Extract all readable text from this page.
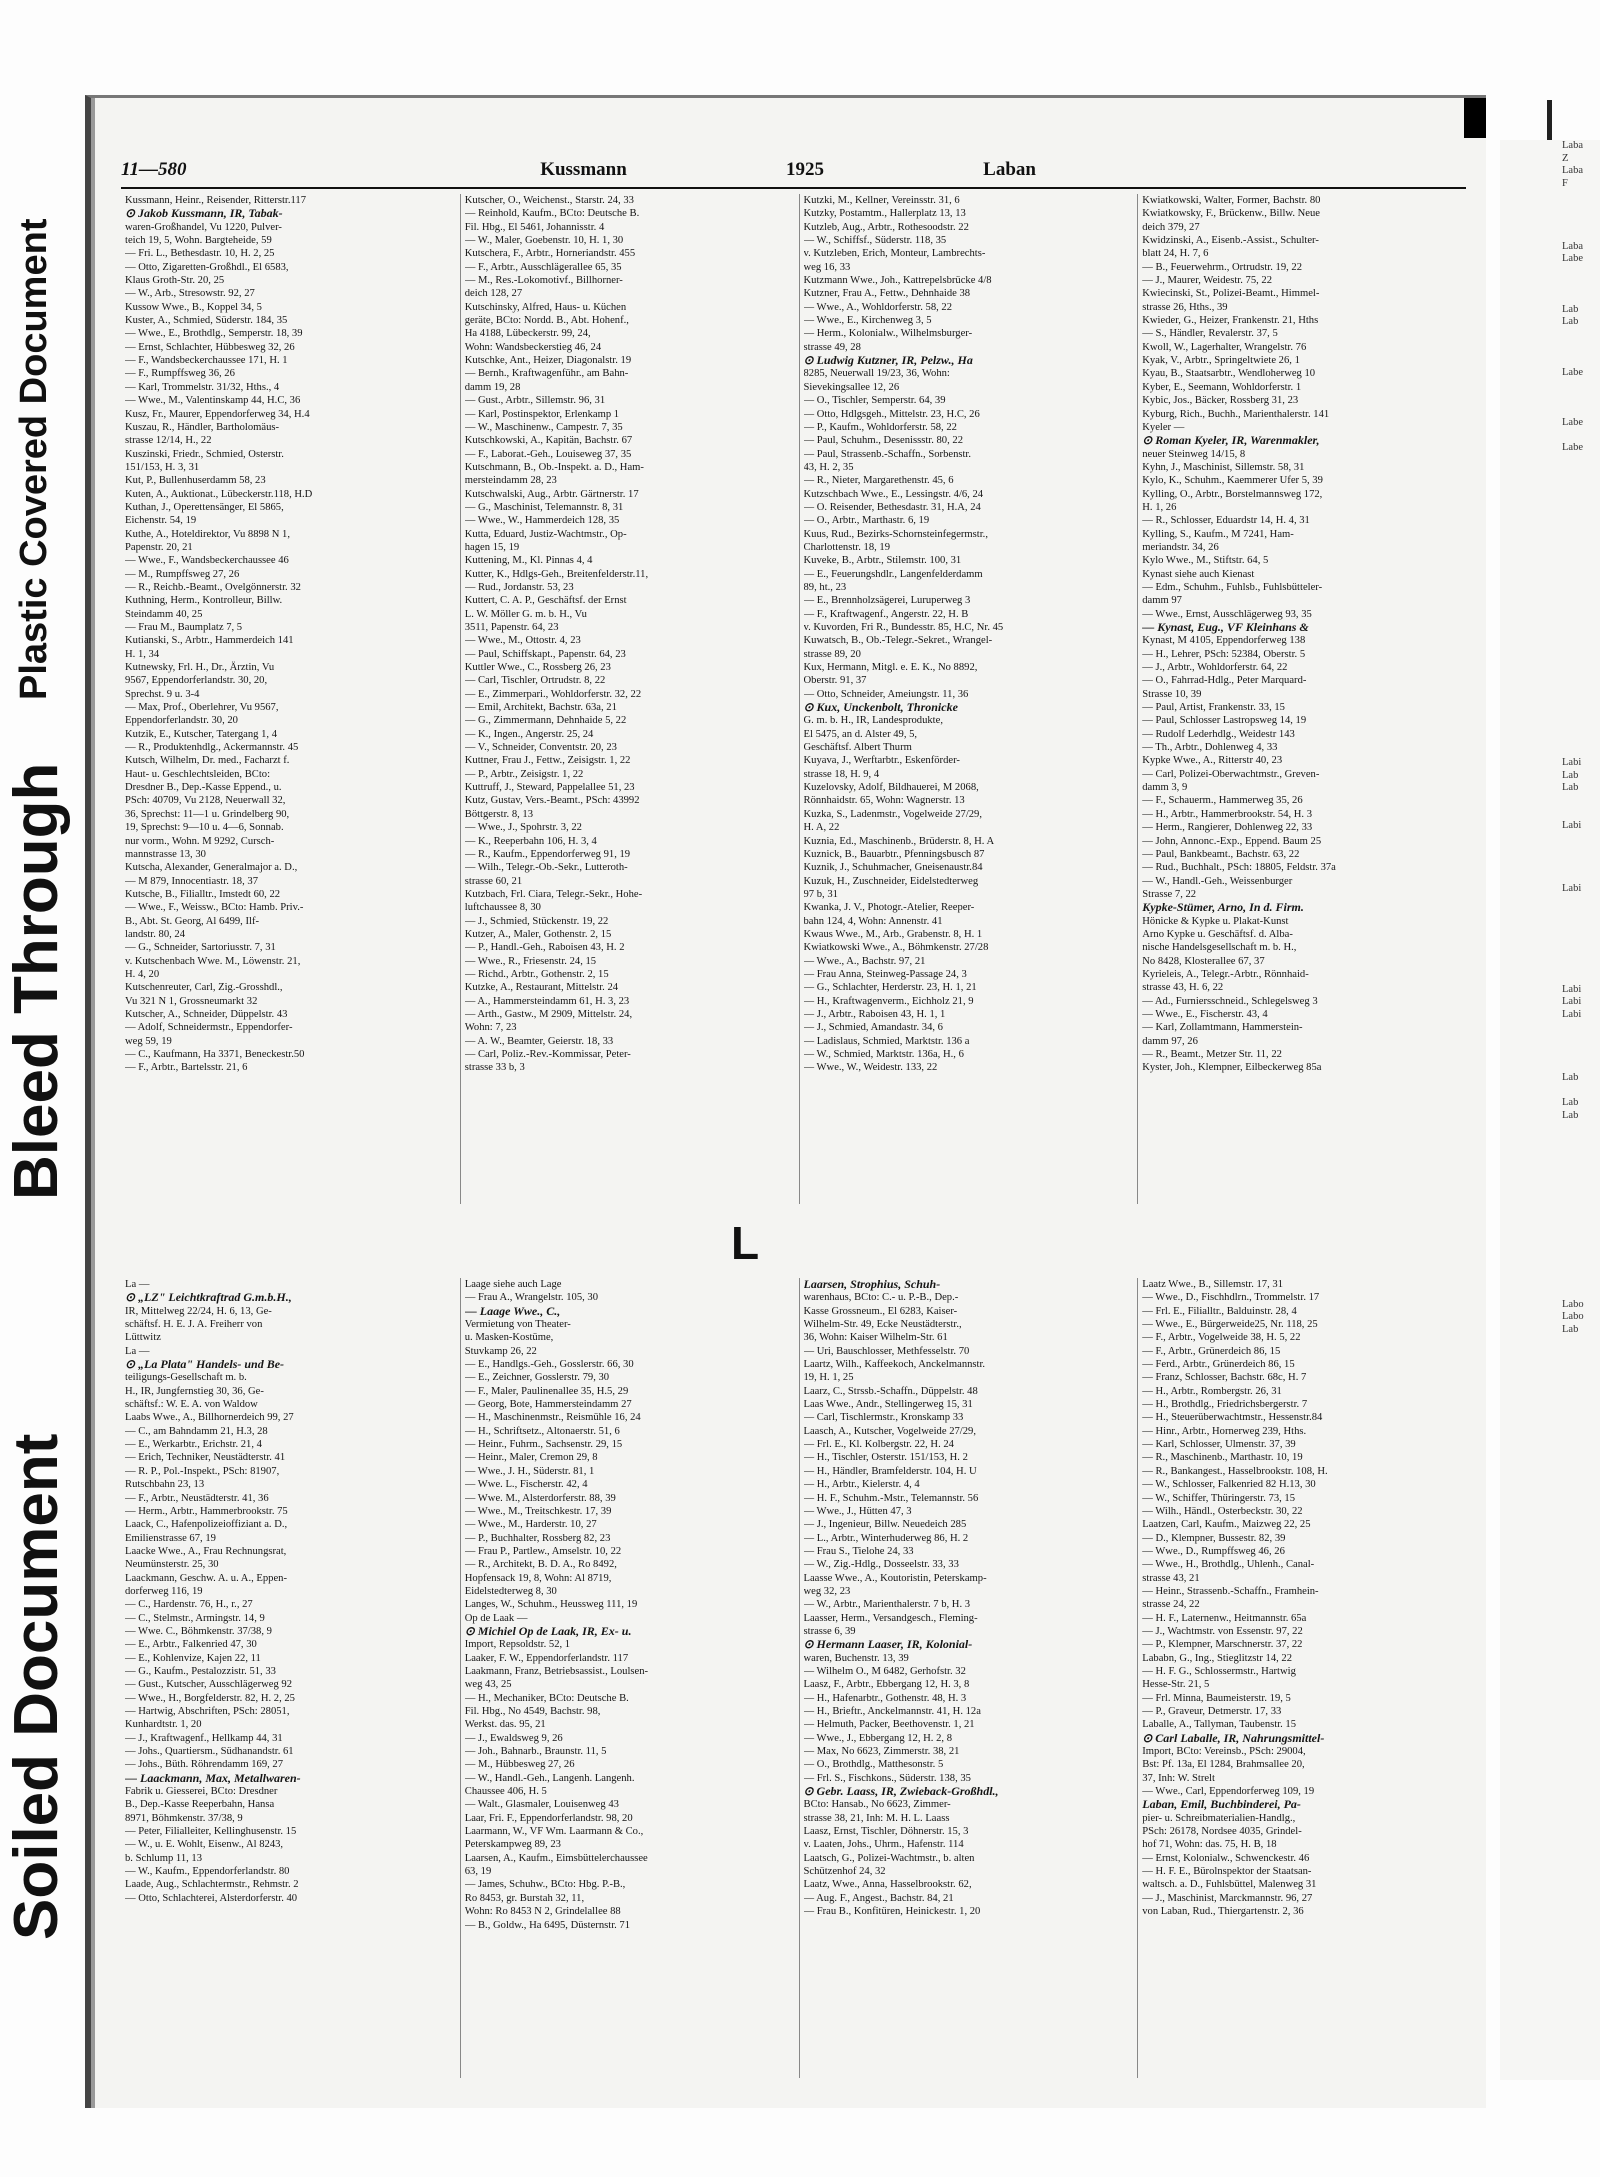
Plastic Covered Document
Bleed Through
Soiled Document
11—580	Kussmann	1925	Laban
Kussmann, Heinr., Reisender, Ritterstr.117
⊙ Jakob Kussmann, IR, Tabak-
waren-Großhandel, Vu 1220, Pulver-
teich 19, 5, Wohn. Bargteheide, 59
— Fri. L., Bethesdastr. 10, H. 2, 25
— Otto, Zigaretten-Großhdl., El 6583,
Klaus Groth-Str. 20, 25
— W., Arb., Stresowstr. 92, 27
Kussow Wwe., B., Koppel 34, 5
Kuster, A., Schmied, Süderstr. 184, 35
— Wwe., E., Brothdlg., Semperstr. 18, 39
— Ernst, Schlachter, Hübbesweg 32, 26
— F., Wandsbeckerchaussee 171, H. 1
— F., Rumpffsweg 36, 26
— Karl, Trommelstr. 31/32, Hths., 4
— Wwe., M., Valentinskamp 44, H.C, 36
Kusz, Fr., Maurer, Eppendorferweg 34, H.4
Kuszau, R., Händler, Bartholomäus-
strasse 12/14, H., 22
Kuszinski, Friedr., Schmied, Osterstr.
151/153, H. 3, 31
Kut, P., Bullenhuserdamm 58, 23
Kuten, A., Auktionat., Lübeckerstr.118, H.D
Kuthan, J., Operettensänger, El 5865,
Eichenstr. 54, 19
Kuthe, A., Hoteldirektor, Vu 8898 N 1,
Papenstr. 20, 21
— Wwe., F., Wandsbeckerchaussee 46
— M., Rumpffsweg 27, 26
— R., Reichb.-Beamt., Ovelgönnerstr. 32
Kuthning, Herm., Kontrolleur, Billw.
Steindamm 40, 25
— Frau M., Baumplatz 7, 5
Kutianski, S., Arbtr., Hammerdeich 141
H. 1, 34
Kutnewsky, Frl. H., Dr., Ärztin, Vu
9567, Eppendorferlandstr. 30, 20,
Sprechst. 9 u. 3-4
— Max, Prof., Oberlehrer, Vu 9567,
Eppendorferlandstr. 30, 20
Kutzik, E., Kutscher, Tatergang 1, 4
— R., Produktenhdlg., Ackermannstr. 45
Kutsch, Wilhelm, Dr. med., Facharzt f.
Haut- u. Geschlechtsleiden, BCto:
Dresdner B., Dep.-Kasse Eppend., u.
PSch: 40709, Vu 2128, Neuerwall 32,
36, Sprechst: 11—1 u. Grindelberg 90,
19, Sprechst: 9—10 u. 4—6, Sonnab.
nur vorm., Wohn. M 9292, Cursch-
mannstrasse 13, 30
Kutscha, Alexander, Generalmajor a. D.,
— M 879, Innocentiastr. 18, 37
Kutsche, B., Filialltr., Imstedt 60, 22
— Wwe., F., Weissw., BCto: Hamb. Priv.-
B., Abt. St. Georg, Al 6499, Ilf-
landstr. 80, 24
— G., Schneider, Sartoriusstr. 7, 31
v. Kutschenbach Wwe. M., Löwenstr. 21,
H. 4, 20
Kutschenreuter, Carl, Zig.-Grosshdl.,
Vu 321 N 1, Grossneumarkt 32
Kutscher, A., Schneider, Düppelstr. 43
— Adolf, Schneidermstr., Eppendorfer-
weg 59, 19
— C., Kaufmann, Ha 3371, Beneckestr.50
— F., Arbtr., Bartelsstr. 21, 6
Kutscher, O., Weichenst., Starstr. 24, 33
— Reinhold, Kaufm., BCto: Deutsche B.
Fil. Hbg., El 5461, Johannisstr. 4
— W., Maler, Goebenstr. 10, H. 1, 30
Kutschera, F., Arbtr., Horneriandstr. 455
— F., Arbtr., Ausschlägerallee 65, 35
— M., Res.-Lokomotivf., Billhorner-
deich 128, 27
Kutschinsky, Alfred, Haus- u. Küchen
geräte, BCto: Nordd. B., Abt. Hohenf.,
Ha 4188, Lübeckerstr. 99, 24,
Wohn: Wandsbeckerstieg 46, 24
Kutschke, Ant., Heizer, Diagonalstr. 19
— Bernh., Kraftwagenführ., am Bahn-
damm 19, 28
— Gust., Arbtr., Sillemstr. 96, 31
— Karl, Postinspektor, Erlenkamp 1
— W., Maschinenw., Campestr. 7, 35
Kutschkowski, A., Kapitän, Bachstr. 67
— F., Laborat.-Geh., Louiseweg 37, 35
Kutschmann, B., Ob.-Inspekt. a. D., Ham-
mersteindamm 28, 23
Kutschwalski, Aug., Arbtr. Gärtnerstr. 17
— G., Maschinist, Telemannstr. 8, 31
— Wwe., W., Hammerdeich 128, 35
Kutta, Eduard, Justiz-Wachtmstr., Op-
hagen 15, 19
Kuttening, M., Kl. Pinnas 4, 4
Kutter, K., Hdlgs-Geh., Breitenfelderstr.11,
— Rud., Jordanstr. 53, 23
Kuttert, C. A. P., Geschäftsf. der Ernst
L. W. Möller G. m. b. H., Vu
3511, Papenstr. 64, 23
— Wwe., M., Ottostr. 4, 23
— Paul, Schiffskapt., Papenstr. 64, 23
Kuttler Wwe., C., Rossberg 26, 23
— Carl, Tischler, Ortrudstr. 8, 22
— E., Zimmerpari., Wohldorferstr. 32, 22
— Emil, Architekt, Bachstr. 63a, 21
— G., Zimmermann, Dehnhaide 5, 22
— K., Ingen., Angerstr. 25, 24
— V., Schneider, Conventstr. 20, 23
Kuttner, Frau J., Fettw., Zeisigstr. 1, 22
— P., Arbtr., Zeisigstr. 1, 22
Kuttruff, J., Steward, Pappelallee 51, 23
Kutz, Gustav, Vers.-Beamt., PSch: 43992
Böttgerstr. 8, 13
— Wwe., J., Spohrstr. 3, 22
— K., Reeperbahn 106, H. 3, 4
— R., Kaufm., Eppendorferweg 91, 19
— Wilh., Telegr.-Ob.-Sekr., Lutteroth-
strasse 60, 21
Kutzbach, Frl. Ciara, Telegr.-Sekr., Hohe-
luftchaussee 8, 30
— J., Schmied, Stückenstr. 19, 22
Kutzer, A., Maler, Gothenstr. 2, 15
— P., Handl.-Geh., Raboisen 43, H. 2
— Wwe., R., Friesenstr. 24, 15
— Richd., Arbtr., Gothenstr. 2, 15
Kutzke, A., Restaurant, Mittelstr. 24
— A., Hammersteindamm 61, H. 3, 23
— Arth., Gastw., M 2909, Mittelstr. 24,
Wohn: 7, 23
— A. W., Beamter, Geierstr. 18, 33
— Carl, Poliz.-Rev.-Kommissar, Peter-
strasse 33 b, 3
Kutzki, M., Kellner, Vereinsstr. 31, 6
Kutzky, Postamtm., Hallerplatz 13, 13
Kutzleb, Aug., Arbtr., Rothesoodstr. 22
— W., Schiffsf., Süderstr. 118, 35
v. Kutzleben, Erich, Monteur, Lambrechts-
weg 16, 33
Kutzmann Wwe., Joh., Kattrepelsbrücke 4/8
Kutzner, Frau A., Fettw., Dehnhaide 38
— Wwe., A., Wohldorferstr. 58, 22
— Wwe., E., Kirchenweg 3, 5
— Herm., Kolonialw., Wilhelmsburger-
strasse 49, 28
⊙ Ludwig Kutzner, IR, Pelzw., Ha
8285, Neuerwall 19/23, 36, Wohn:
Sievekingsallee 12, 26
— O., Tischler, Semperstr. 64, 39
— Otto, Hdlgsgeh., Mittelstr. 23, H.C, 26
— P., Kaufm., Wohldorferstr. 58, 22
— Paul, Schuhm., Desenissstr. 80, 22
— Paul, Strassenb.-Schaffn., Sorbenstr.
43, H. 2, 35
— R., Nieter, Margarethenstr. 45, 6
Kutzschbach Wwe., E., Lessingstr. 4/6, 24
— O. Reisender, Bethesdastr. 31, H.A, 24
— O., Arbtr., Marthastr. 6, 19
Kuus, Rud., Bezirks-Schornsteinfegermstr.,
Charlottenstr. 18, 19
Kuveke, B., Arbtr., Stilemstr. 100, 31
— E., Feuerungshdlr., Langenfelderdamm
89, ht., 23
— E., Brennholzsägerei, Luruperweg 3
— F., Kraftwagenf., Angerstr. 22, H. B
v. Kuvorden, Fri R., Bundesstr. 85, H.C, Nr. 45
Kuwatsch, B., Ob.-Telegr.-Sekret., Wrangel-
strasse 89, 20
Kux, Hermann, Mitgl. e. E. K., No 8892,
Oberstr. 91, 37
— Otto, Schneider, Ameiungstr. 11, 36
⊙ Kux, Unckenbolt, Thronicke
G. m. b. H., IR, Landesprodukte,
El 5475, an d. Alster 49, 5,
Geschäftsf. Albert Thurm
Kuyava, J., Werftarbtr., Eskenförder-
strasse 18, H. 9, 4
Kuzelovsky, Adolf, Bildhauerei, M 2068,
Rönnhaidstr. 65, Wohn: Wagnerstr. 13
Kuzka, S., Ladenmstr., Vogelweide 27/29,
H. A, 22
Kuznia, Ed., Maschinenb., Brüderstr. 8, H. A
Kuznick, B., Bauarbtr., Pfenningsbusch 87
Kuznik, J., Schuhmacher, Gneisenaustr.84
Kuzuk, H., Zuschneider, Eidelstedterweg
97 b, 31
Kwanka, J. V., Photogr.-Atelier, Reeper-
bahn 124, 4, Wohn: Annenstr. 41
Kwaus Wwe., M., Arb., Grabenstr. 8, H. 1
Kwiatkowski Wwe., A., Böhmkenstr. 27/28
— Wwe., A., Bachstr. 97, 21
— Frau Anna, Steinweg-Passage 24, 3
— G., Schlachter, Herderstr. 23, H. 1, 21
— H., Kraftwagenverm., Eichholz 21, 9
— J., Arbtr., Raboisen 43, H. 1, 1
— J., Schmied, Amandastr. 34, 6
— Ladislaus, Schmied, Marktstr. 136 a
— W., Schmied, Marktstr. 136a, H., 6
— Wwe., W., Weidestr. 133, 22
Kwiatkowski, Walter, Former, Bachstr. 80
Kwiatkowsky, F., Brückenw., Billw. Neue
deich 379, 27
Kwidzinski, A., Eisenb.-Assist., Schulter-
blatt 24, H. 7, 6
— B., Feuerwehrm., Ortrudstr. 19, 22
— J., Maurer, Weidestr. 75, 22
Kwiecinski, St., Polizei-Beamt., Himmel-
strasse 26, Hths., 39
Kwieder, G., Heizer, Frankenstr. 21, Hths
— S., Händler, Revalerstr. 37, 5
Kwoll, W., Lagerhalter, Wrangelstr. 76
Kyak, V., Arbtr., Springeltwiete 26, 1
Kyau, B., Staatsarbtr., Wendloherweg 10
Kyber, E., Seemann, Wohldorferstr. 1
Kybic, Jos., Bäcker, Rossberg 31, 23
Kyburg, Rich., Buchh., Marienthalerstr. 141
Kyeler —
⊙ Roman Kyeler, IR, Warenmakler,
neuer Steinweg 14/15, 8
Kyhn, J., Maschinist, Sillemstr. 58, 31
Kylo, K., Schuhm., Kaemmerer Ufer 5, 39
Kylling, O., Arbtr., Borstelmannsweg 172,
H. 1, 26
— R., Schlosser, Eduardstr 14, H. 4, 31
Kylling, S., Kaufm., M 7241, Ham-
meriandstr. 34, 26
Kylo Wwe., M., Stiftstr. 64, 5
Kynast siehe auch Kienast
— Edm., Schuhm., Fuhlsb., Fuhlsbütteler-
damm 97
— Wwe., Ernst, Ausschlägerweg 93, 35
— Kynast, Eug., VF Kleinhans &
Kynast, M 4105, Eppendorferweg 138
— H., Lehrer, PSch: 52384, Oberstr. 5
— J., Arbtr., Wohldorferstr. 64, 22
— O., Fahrrad-Hdlg., Peter Marquard-
Strasse 10, 39
— Paul, Artist, Frankenstr. 33, 15
— Paul, Schlosser Lastropsweg 14, 19
— Rudolf Lederhdlg., Weidestr 143
— Th., Arbtr., Dohlenweg 4, 33
Kypke Wwe., A., Ritterstr 40, 23
— Carl, Polizei-Oberwachtmstr., Greven-
damm 3, 9
— F., Schauerm., Hammerweg 35, 26
— H., Arbtr., Hammerbrookstr. 54, H. 3
— Herm., Rangierer, Dohlenweg 22, 33
— John, Annonc.-Exp., Eppend. Baum 25
— Paul, Bankbeamt., Bachstr. 63, 22
— Rud., Buchhalt., PSch: 18805, Feldstr. 37a
— W., Handl.-Geh., Weissenburger
Strasse 7, 22
Kypke-Stümer, Arno, In d. Firm.
Hönicke & Kypke u. Plakat-Kunst
Arno Kypke u. Geschäftsf. d. Alba-
nische Handelsgesellschaft m. b. H.,
No 8428, Klosterallee 67, 37
Kyrieleis, A., Telegr.-Arbtr., Rönnhaid-
strasse 43, H. 6, 22
— Ad., Furniersschneid., Schlegelsweg 3
— Wwe., E., Fischerstr. 43, 4
— Karl, Zollamtmann, Hammerstein-
damm 97, 26
— R., Beamt., Metzer Str. 11, 22
Kyster, Joh., Klempner, Eilbeckerweg 85a
L
La —
⊙ „LZ" Leichtkraftrad G.m.b.H.,
IR, Mittelweg 22/24, H. 6, 13, Ge-
schäftsf. H. E. J. A. Freiherr von
Lüttwitz
La —
⊙ „La Plata" Handels- und Be-
teiligungs-Gesellschaft m. b.
H., IR, Jungfernstieg 30, 36, Ge-
schäftsf.: W. E. A. von Waldow
Laabs Wwe., A., Billhornerdeich 99, 27
— C., am Bahndamm 21, H.3, 28
— E., Werkarbtr., Erichstr. 21, 4
— Erich, Techniker, Neustädterstr. 41
— R. P., Pol.-Inspekt., PSch: 81907,
Rutschbahn 23, 13
— F., Arbtr., Neustädterstr. 41, 36
— Herm., Arbtr., Hammerbrookstr. 75
Laack, C., Hafenpolizeioffiziant a. D.,
Emilienstrasse 67, 19
Laacke Wwe., A., Frau Rechnungsrat,
Neumünsterstr. 25, 30
Laackmann, Geschw. A. u. A., Eppen-
dorferweg 116, 19
— C., Hardenstr. 76, H., r., 27
— C., Stelmstr., Armingstr. 14, 9
— Wwe. C., Böhmkenstr. 37/38, 9
— E., Arbtr., Falkenried 47, 30
— E., Kohlenvize, Kajen 22, 11
— G., Kaufm., Pestalozzistr. 51, 33
— Gust., Kutscher, Ausschlägerweg 92
— Wwe., H., Borgfelderstr. 82, H. 2, 25
— Hartwig, Abschriften, PSch: 28051,
Kunhardtstr. 1, 20
— J., Kraftwagenf., Hellkamp 44, 31
— Johs., Quartiersm., Südhanandstr. 61
— Johs., Büth. Röhrendamm 169, 27
— Laackmann, Max, Metallwaren-
Fabrik u. Giesserei, BCto: Dresdner
B., Dep.-Kasse Reeperbahn, Hansa
8971, Böhmkenstr. 37/38, 9
— Peter, Filialleiter, Kellinghusenstr. 15
— W., u. E. Wohlt, Eisenw., Al 8243,
b. Schlump 11, 13
— W., Kaufm., Eppendorferlandstr. 80
Laade, Aug., Schlachtermstr., Rehmstr. 2
— Otto, Schlachterei, Alsterdorferstr. 40
Laage siehe auch Lage
— Frau A., Wrangelstr. 105, 30
— Laage Wwe., C.,
Vermietung von Theater-
u. Masken-Kostüme,
Stuvkamp 26, 22
— E., Handlgs.-Geh., Gosslerstr. 66, 30
— E., Zeichner, Gosslerstr. 79, 30
— F., Maler, Paulinenallee 35, H.5, 29
— Georg, Bote, Hammersteindamm 27
— H., Maschinenmstr., Reismühle 16, 24
— H., Schriftsetz., Altonaerstr. 51, 6
— Heinr., Fuhrm., Sachsenstr. 29, 15
— Heinr., Maler, Cremon 29, 8
— Wwe., J. H., Süderstr. 81, 1
— Wwe. L., Fischerstr. 42, 4
— Wwe. M., Alsterdorferstr. 88, 39
— Wwe., M., Treitschkestr. 17, 39
— Wwe., M., Harderstr. 10, 27
— P., Buchhalter, Rossberg 82, 23
— Frau P., Partlew., Amselstr. 10, 22
— R., Architekt, B. D. A., Ro 8492,
Hopfensack 19, 8, Wohn: Al 8719,
Eidelstedterweg 8, 30
Langes, W., Schuhm., Heussweg 111, 19
Op de Laak —
⊙ Michiel Op de Laak, IR, Ex- u.
Import, Repsoldstr. 52, 1
Laaker, F. W., Eppendorferlandstr. 117
Laakmann, Franz, Betriebsassist., Loulsen-
weg 43, 25
— H., Mechaniker, BCto: Deutsche B.
Fil. Hbg., No 4549, Bachstr. 98,
Werkst. das. 95, 21
— J., Ewaldsweg 9, 26
— Joh., Bahnarb., Braunstr. 11, 5
— M., Hübbesweg 27, 26
— W., Handl.-Geh., Langenh. Langenh.
Chaussee 406, H. 5
— Walt., Glasmaler, Louisenweg 43
Laar, Fri. F., Eppendorferlandstr. 98, 20
Laarmann, W., VF Wm. Laarmann & Co.,
Peterskampweg 89, 23
Laarsen, A., Kaufm., Eimsbüttelerchaussee
63, 19
— James, Schuhw., BCto: Hbg. P.-B.,
Ro 8453, gr. Burstah 32, 11,
Wohn: Ro 8453 N 2, Grindelallee 88
— B., Goldw., Ha 6495, Düsternstr. 71
Laarsen, Strophius, Schuh-
warenhaus, BCto: C.- u. P.-B., Dep.-
Kasse Grossneum., El 6283, Kaiser-
Wilhelm-Str. 49, Ecke Neustädterstr.,
36, Wohn: Kaiser Wilhelm-Str. 61
— Uri, Bauschlosser, Methfesselstr. 70
Laartz, Wilh., Kaffeekoch, Anckelmannstr.
19, H. 1, 25
Laarz, C., Strssb.-Schaffn., Düppelstr. 48
Laas Wwe., Andr., Stellingerweg 15, 31
— Carl, Tischlermstr., Kronskamp 33
Laasch, A., Kutscher, Vogelweide 27/29,
— Frl. E., Kl. Kolbergstr. 22, H. 24
— H., Tischler, Osterstr. 151/153, H. 2
— H., Händler, Bramfelderstr. 104, H. U
— H., Arbtr., Kielerstr. 4, 4
— H. F., Schuhm.-Mstr., Telemannstr. 56
— Wwe., J., Hütten 47, 3
— J., Ingenieur, Billw. Neuedeich 285
— L., Arbtr., Winterhuderweg 86, H. 2
— Frau S., Tielohe 24, 33
— W., Zig.-Hdlg., Dosseelstr. 33, 33
Laasse Wwe., A., Koutoristin, Peterskamp-
weg 32, 23
— W., Arbtr., Marienthalerstr. 7 b, H. 3
Laasser, Herm., Versandgesch., Fleming-
strasse 6, 39
⊙ Hermann Laaser, IR, Kolonial-
waren, Buchenstr. 13, 39
— Wilhelm O., M 6482, Gerhofstr. 32
Laasz, F., Arbtr., Ebbergang 12, H. 3, 8
— H., Hafenarbtr., Gothenstr. 48, H. 3
— H., Brieftr., Anckelmannstr. 41, H. 12a
— Helmuth, Packer, Beethovenstr. 1, 21
— Wwe., J., Ebbergang 12, H. 2, 8
— Max, No 6623, Zimmerstr. 38, 21
— O., Brothdlg., Matthesonstr. 5
— Frl. S., Fischkons., Süderstr. 138, 35
⊙ Gebr. Laass, IR, Zwieback-Großhdl.,
BCto: Hansab., No 6623, Zimmer-
strasse 38, 21, Inh: M. H. L. Laass
Laasz, Ernst, Tischler, Döhnerstr. 15, 3
v. Laaten, Johs., Uhrm., Hafenstr. 114
Laatsch, G., Polizei-Wachtmstr., b. alten
Schützenhof 24, 32
Laatz, Wwe., Anna, Hasselbrookstr. 62,
— Aug. F., Angest., Bachstr. 84, 21
— Frau B., Konfitüren, Heinickestr. 1, 20
Laatz Wwe., B., Sillemstr. 17, 31
— Wwe., D., Fischhdlrn., Trommelstr. 17
— Frl. E., Filialltr., Balduinstr. 28, 4
— Wwe., E., Bürgerweide25, Nr. 118, 25
— F., Arbtr., Vogelweide 38, H. 5, 22
— F., Arbtr., Grünerdeich 86, 15
— Ferd., Arbtr., Grünerdeich 86, 15
— Franz, Schlosser, Bachstr. 68c, H. 7
— H., Arbtr., Rombergstr. 26, 31
— H., Brothdlg., Friedrichsbergerstr. 7
— H., Steuerüberwachtmstr., Hessenstr.84
— Hinr., Arbtr., Hornerweg 239, Hths.
— Karl, Schlosser, Ulmenstr. 37, 39
— R., Maschinenb., Marthastr. 10, 19
— R., Bankangest., Hasselbrookstr. 108, H.
— W., Schlosser, Falkenried 82 H.13, 30
— W., Schiffer, Thüringerstr. 73, 15
— Wilh., Händl., Osterbeckstr. 30, 22
Laatzen, Carl, Kaufm., Maizweg 22, 25
— D., Klempner, Bussestr. 82, 39
— Wwe., D., Rumpffsweg 46, 26
— Wwe., H., Brothdlg., Uhlenh., Canal-
strasse 43, 21
— Heinr., Strassenb.-Schaffn., Framhein-
strasse 24, 22
— H. F., Laternenw., Heitmannstr. 65a
— J., Wachtmstr. von Essenstr. 97, 22
— P., Klempner, Marschnerstr. 37, 22
Lababn, G., Ing., Stieglitzstr 14, 22
— H. F. G., Schlossermstr., Hartwig
Hesse-Str. 21, 5
— Frl. Minna, Baumeisterstr. 19, 5
— P., Graveur, Detmerstr. 17, 33
Laballe, A., Tallyman, Taubenstr. 15
⊙ Carl Laballe, IR, Nahrungsmittel-
Import, BCto: Vereinsb., PSch: 29004,
Bst: Pf. 13a, El 1284, Brahmsallee 20,
37, Inh: W. Strelt
— Wwe., Carl, Eppendorferweg 109, 19
Laban, Emil, Buchbinderei, Pa-
pier- u. Schreibmaterialien-Handlg.,
PSch: 26178, Nordsee 4035, Grindel-
hof 71, Wohn: das. 75, H. B, 18
— Ernst, Kolonialw., Schwenckestr. 46
— H. F. E., Bürolnspektor der Staatsan-
waltsch. a. D., Fuhlsbüttel, Malenweg 31
— J., Maschinist, Marckmannstr. 96, 27
von Laban, Rud., Thiergartenstr. 2, 36
Laba
Z
Laba
F

Laba
Labe

Lab
Lab

Labe

Labe

Labe

Labi
Lab
Lab

Labi

Labi

Labi
Labi
Labi

Lab

Lab
Lab

Labo
Labo
Lab
